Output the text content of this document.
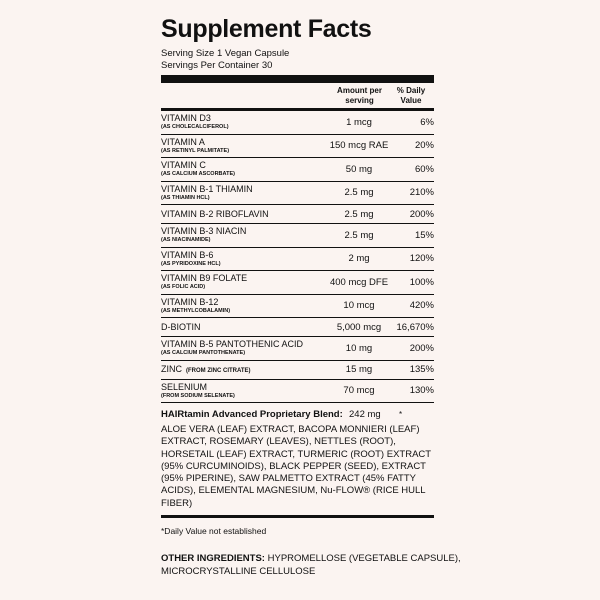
Supplement Facts
Serving Size 1 Vegan Capsule
Servings Per Container 30
Amount per
serving
% Daily
Value
VITAMIN D3
(AS CHOLECALCIFEROL)	1 mcg	6%
VITAMIN A
(AS RETINYL PALMITATE)	150 mcg RAE	20%
VITAMIN C
(AS CALCIUM ASCORBATE)	50 mg	60%
VITAMIN B-1 THIAMIN
(AS THIAMIN HCL)	2.5 mg	210%
VITAMIN B-2 RIBOFLAVIN	2.5 mg	200%
VITAMIN B-3 NIACIN
(AS NIACINAMIDE)	2.5 mg	15%
VITAMIN B-6
(AS PYRIDOXINE HCL)	2 mg	120%
VITAMIN B9 FOLATE
(AS FOLIC ACID)	400 mcg DFE	100%
VITAMIN B-12
(AS METHYLCOBALAMIN)	10 mcg	420%
D-BIOTIN	5,000 mcg	16,670%
VITAMIN B-5 PANTOTHENIC ACID
(AS CALCIUM PANTOTHENATE)	10 mg	200%
ZINC (FROM ZINC CITRATE)	15 mg	135%
SELENIUM
(FROM SODIUM SELENATE)	70 mcg	130%
HAIRtamin Advanced Proprietary Blend: 242 mg	*
ALOE VERA (LEAF) EXTRACT, BACOPA MONNIERI (LEAF) EXTRACT, ROSEMARY (LEAVES), NETTLES (ROOT), HORSETAIL (LEAF) EXTRACT, TURMERIC (ROOT) EXTRACT (95% CURCUMINOIDS), BLACK PEPPER (SEED), EXTRACT (95% PIPERINE), SAW PALMETTO EXTRACT (45% FATTY ACIDS), ELEMENTAL MAGNESIUM, Nu-FLOW® (RICE HULL FIBER)
*Daily Value not established
OTHER INGREDIENTS: HYPROMELLOSE (VEGETABLE CAPSULE), MICROCRYSTALLINE CELLULOSE
